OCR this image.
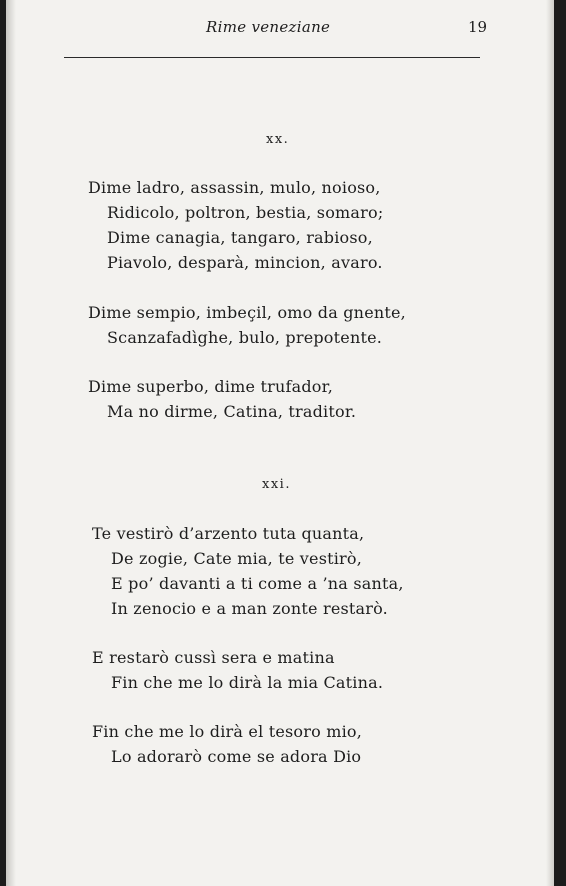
Rime veneziane	19
xx.
Dime ladro, assassin, mulo, noioso,
Ridicolo, poltron, bestia, somaro;
Dime canagia, tangaro, rabioso,
Piavolo, desparà, mincion, avaro.
Dime sempio, imbeçil, omo da gnente,
Scanzafadìghe, bulo, prepotente.
Dime superbo, dime trufador,
Ma no dirme, Catina, traditor.
xxi.
Te vestirò d’arzento tuta quanta,
De zogie, Cate mia, te vestirò,
E po’ davanti a ti come a ’na santa,
In zenocio e a man zonte restarò.
E restarò cussì sera e matina
Fin che me lo dirà la mia Catina.
Fin che me lo dirà el tesoro mio,
Lo adorarò come se adora Dio
